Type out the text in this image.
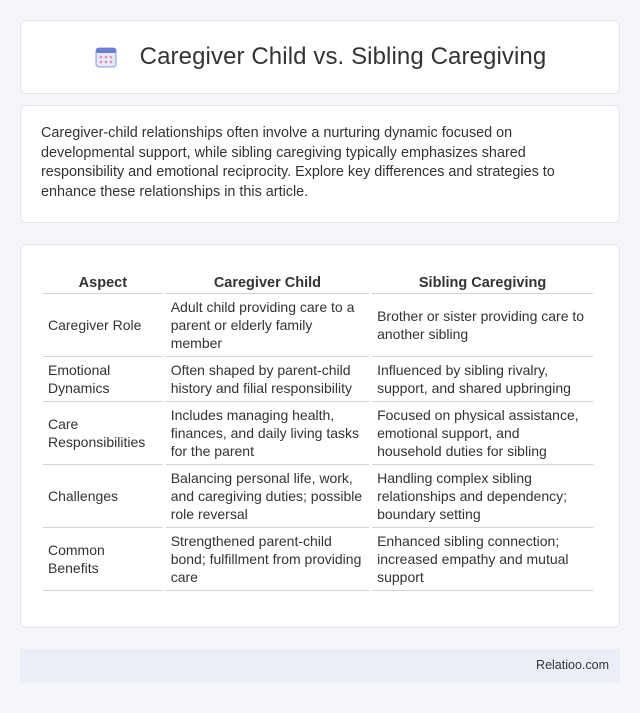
Caregiver Child vs. Sibling Caregiving

Caregiver-child relationships often involve a nurturing dynamic focused on developmental support, while sibling caregiving typically emphasizes shared responsibility and emotional reciprocity. Explore key differences and strategies to enhance these relationships in this article.

Aspect	Caregiver Child	Sibling Caregiving
Caregiver Role	Adult child providing care to a parent or elderly family member	Brother or sister providing care to another sibling
Emotional Dynamics	Often shaped by parent-child history and filial responsibility	Influenced by sibling rivalry, support, and shared upbringing
Care Responsibilities	Includes managing health, finances, and daily living tasks for the parent	Focused on physical assistance, emotional support, and household duties for sibling
Challenges	Balancing personal life, work, and caregiving duties; possible role reversal	Handling complex sibling relationships and dependency; boundary setting
Common Benefits	Strengthened parent-child bond; fulfillment from providing care	Enhanced sibling connection; increased empathy and mutual support
Relatioo.com
